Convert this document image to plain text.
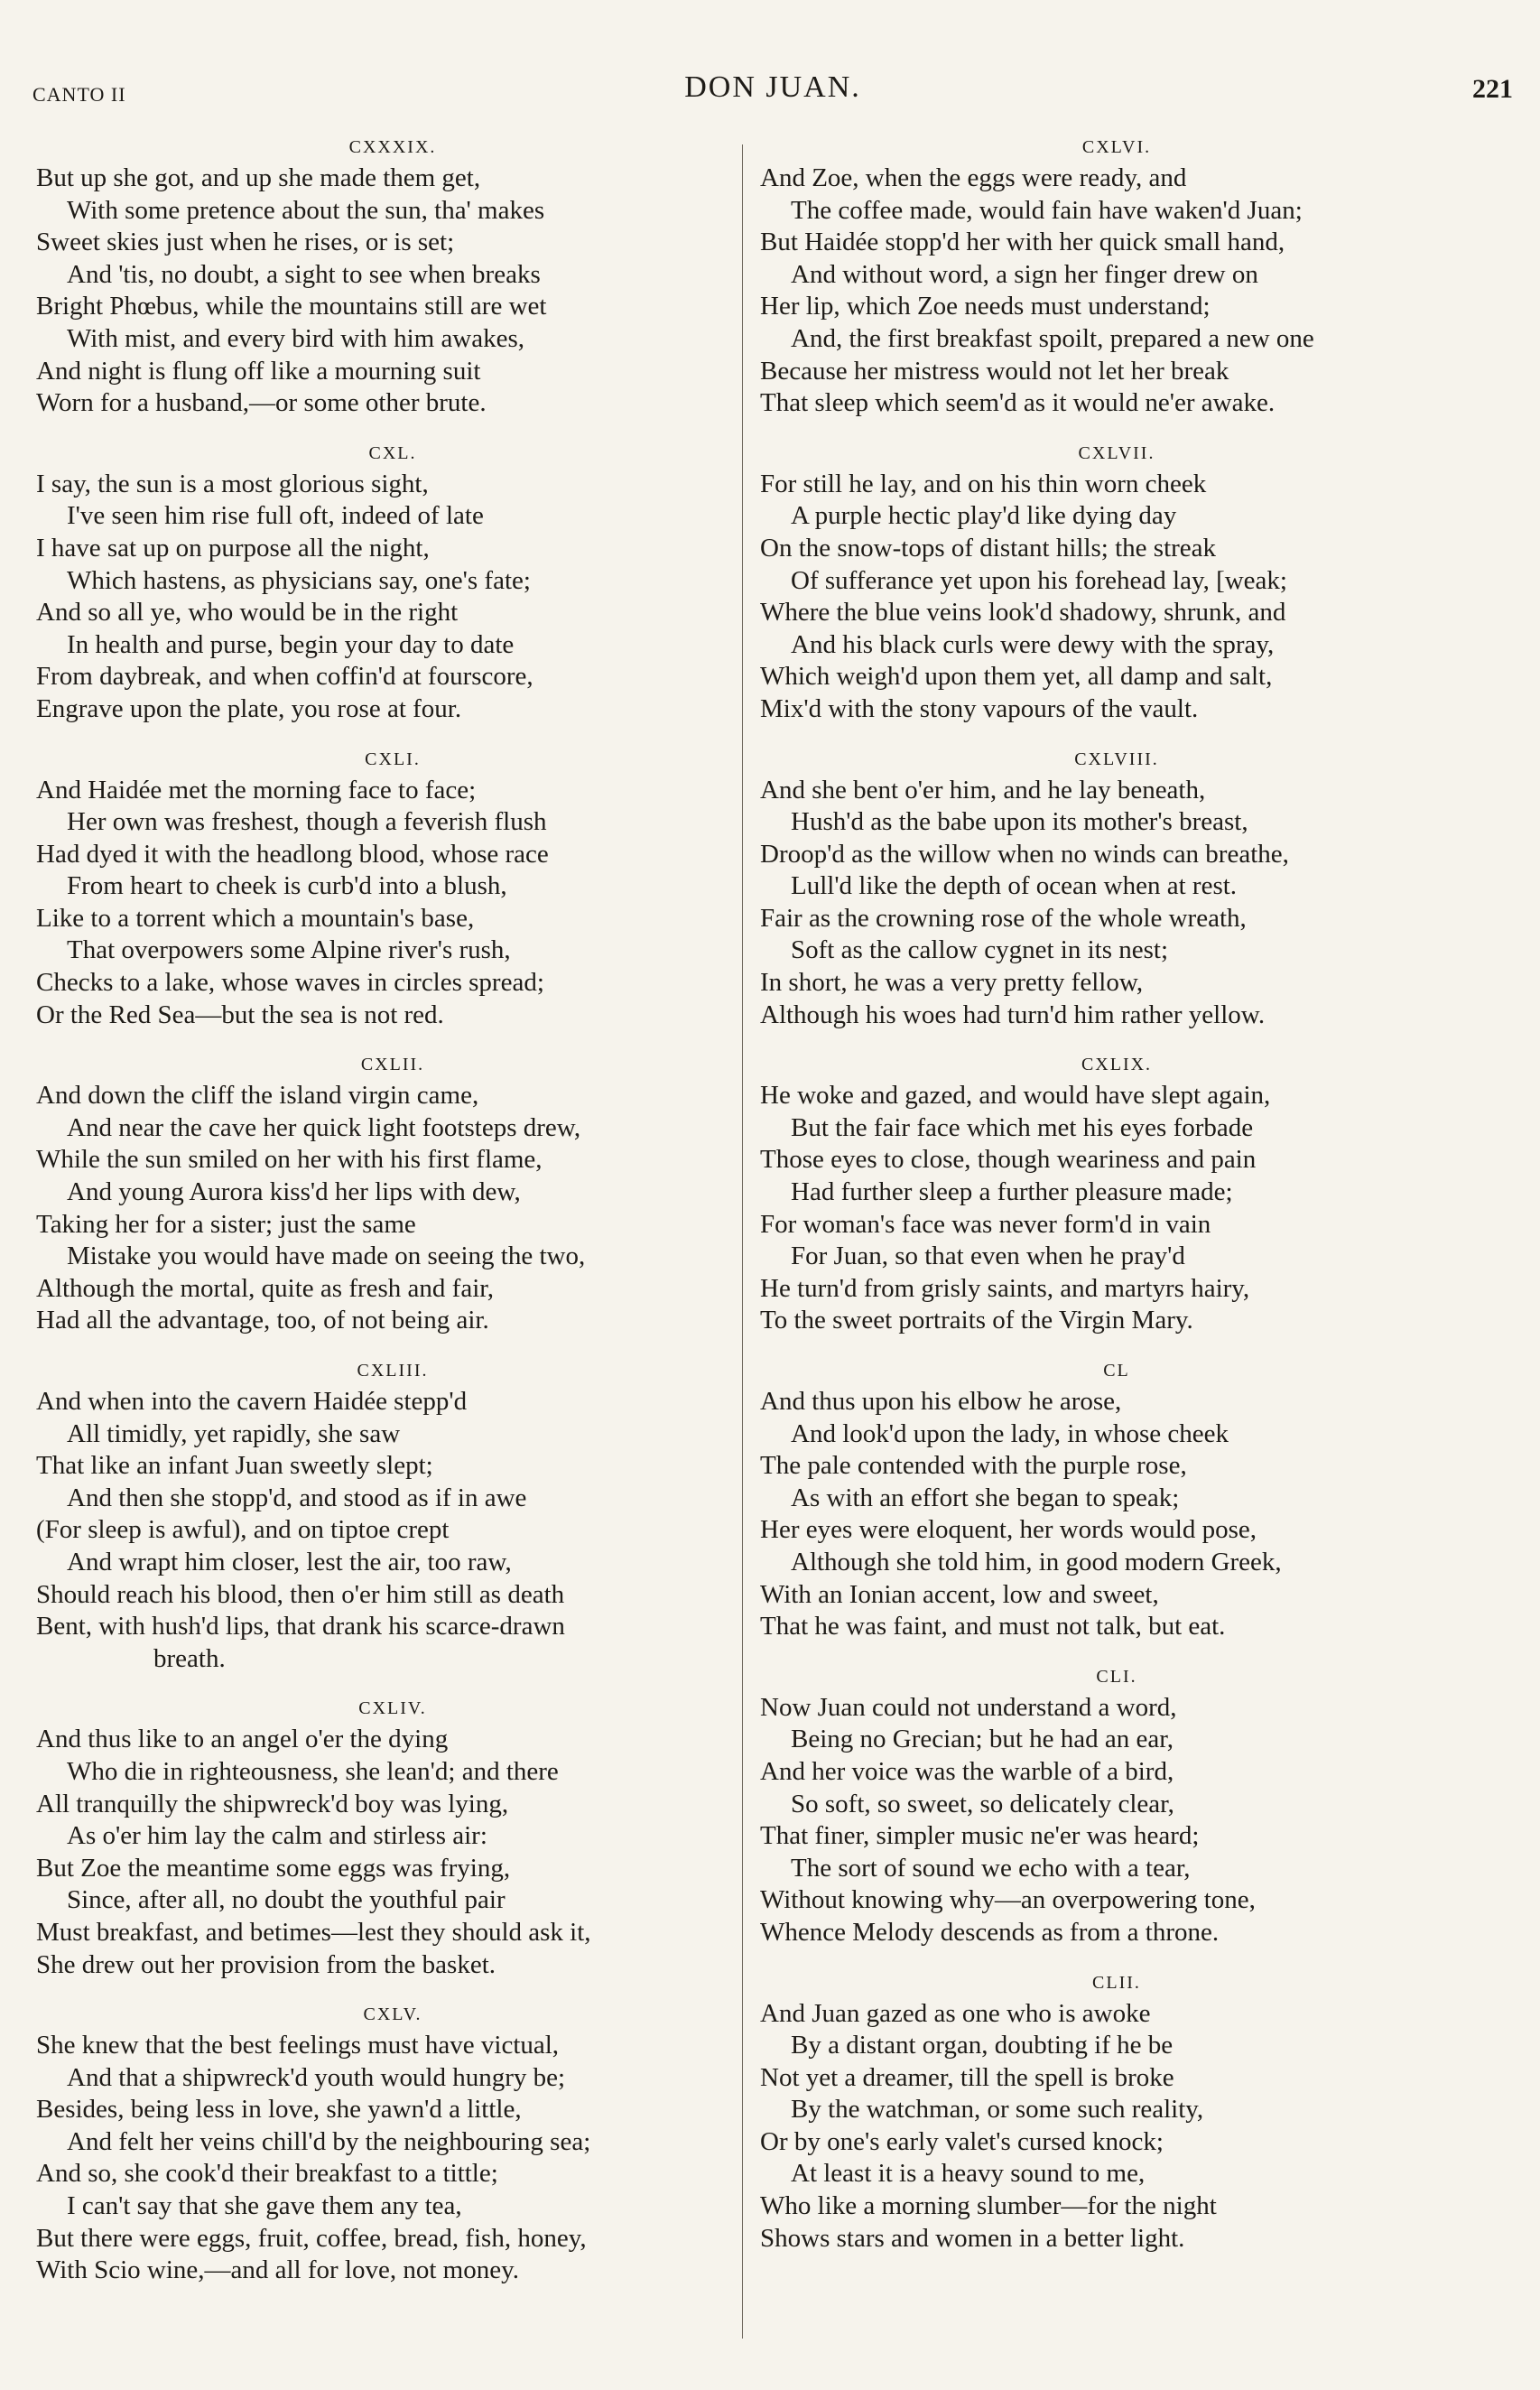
CANTO II	DON JUAN.	221
CXXXIX.
But up she got, and up she made them get,
With some pretence about the sun, tha' makes
Sweet skies just when he rises, or is set;
And 'tis, no doubt, a sight to see when breaks
Bright Phœbus, while the mountains still are wet
With mist, and every bird with him awakes,
And night is flung off like a mourning suit
Worn for a husband,—or some other brute.
CXL.
I say, the sun is a most glorious sight,
I've seen him rise full oft, indeed of late
I have sat up on purpose all the night,
Which hastens, as physicians say, one's fate;
And so all ye, who would be in the right
In health and purse, begin your day to date
From daybreak, and when coffin'd at fourscore,
Engrave upon the plate, you rose at four.
CXLI.
And Haidée met the morning face to face;
Her own was freshest, though a feverish flush
Had dyed it with the headlong blood, whose race
From heart to cheek is curb'd into a blush,
Like to a torrent which a mountain's base,
That overpowers some Alpine river's rush,
Checks to a lake, whose waves in circles spread;
Or the Red Sea—but the sea is not red.
CXLII.
And down the cliff the island virgin came,
And near the cave her quick light footsteps drew,
While the sun smiled on her with his first flame,
And young Aurora kiss'd her lips with dew,
Taking her for a sister; just the same
Mistake you would have made on seeing the two,
Although the mortal, quite as fresh and fair,
Had all the advantage, too, of not being air.
CXLIII.
And when into the cavern Haidée stepp'd
All timidly, yet rapidly, she saw
That like an infant Juan sweetly slept;
And then she stopp'd, and stood as if in awe
(For sleep is awful), and on tiptoe crept
And wrapt him closer, lest the air, too raw,
Should reach his blood, then o'er him still as death
Bent, with hush'd lips, that drank his scarce-drawn
breath.
CXLIV.
And thus like to an angel o'er the dying
Who die in righteousness, she lean'd; and there
All tranquilly the shipwreck'd boy was lying,
As o'er him lay the calm and stirless air:
But Zoe the meantime some eggs was frying,
Since, after all, no doubt the youthful pair
Must breakfast, and betimes—lest they should ask it,
She drew out her provision from the basket.
CXLV.
She knew that the best feelings must have victual,
And that a shipwreck'd youth would hungry be;
Besides, being less in love, she yawn'd a little,
And felt her veins chill'd by the neighbouring sea;
And so, she cook'd their breakfast to a tittle;
I can't say that she gave them any tea,
But there were eggs, fruit, coffee, bread, fish, honey,
With Scio wine,—and all for love, not money.
CXLVI.
And Zoe, when the eggs were ready, and
The coffee made, would fain have waken'd Juan;
But Haidée stopp'd her with her quick small hand,
And without word, a sign her finger drew on
Her lip, which Zoe needs must understand;
And, the first breakfast spoilt, prepared a new one
Because her mistress would not let her break
That sleep which seem'd as it would ne'er awake.
CXLVII.
For still he lay, and on his thin worn cheek
A purple hectic play'd like dying day
On the snow-tops of distant hills; the streak
Of sufferance yet upon his forehead lay, [weak;
Where the blue veins look'd shadowy, shrunk, and
And his black curls were dewy with the spray,
Which weigh'd upon them yet, all damp and salt,
Mix'd with the stony vapours of the vault.
CXLVIII.
And she bent o'er him, and he lay beneath,
Hush'd as the babe upon its mother's breast,
Droop'd as the willow when no winds can breathe,
Lull'd like the depth of ocean when at rest.
Fair as the crowning rose of the whole wreath,
Soft as the callow cygnet in its nest;
In short, he was a very pretty fellow,
Although his woes had turn'd him rather yellow.
CXLIX.
He woke and gazed, and would have slept again,
But the fair face which met his eyes forbade
Those eyes to close, though weariness and pain
Had further sleep a further pleasure made;
For woman's face was never form'd in vain
For Juan, so that even when he pray'd
He turn'd from grisly saints, and martyrs hairy,
To the sweet portraits of the Virgin Mary.
CL
And thus upon his elbow he arose,
And look'd upon the lady, in whose cheek
The pale contended with the purple rose,
As with an effort she began to speak;
Her eyes were eloquent, her words would pose,
Although she told him, in good modern Greek,
With an Ionian accent, low and sweet,
That he was faint, and must not talk, but eat.
CLI.
Now Juan could not understand a word,
Being no Grecian; but he had an ear,
And her voice was the warble of a bird,
So soft, so sweet, so delicately clear,
That finer, simpler music ne'er was heard;
The sort of sound we echo with a tear,
Without knowing why—an overpowering tone,
Whence Melody descends as from a throne.
CLII.
And Juan gazed as one who is awoke
By a distant organ, doubting if he be
Not yet a dreamer, till the spell is broke
By the watchman, or some such reality,
Or by one's early valet's cursed knock;
At least it is a heavy sound to me,
Who like a morning slumber—for the night
Shows stars and women in a better light.
